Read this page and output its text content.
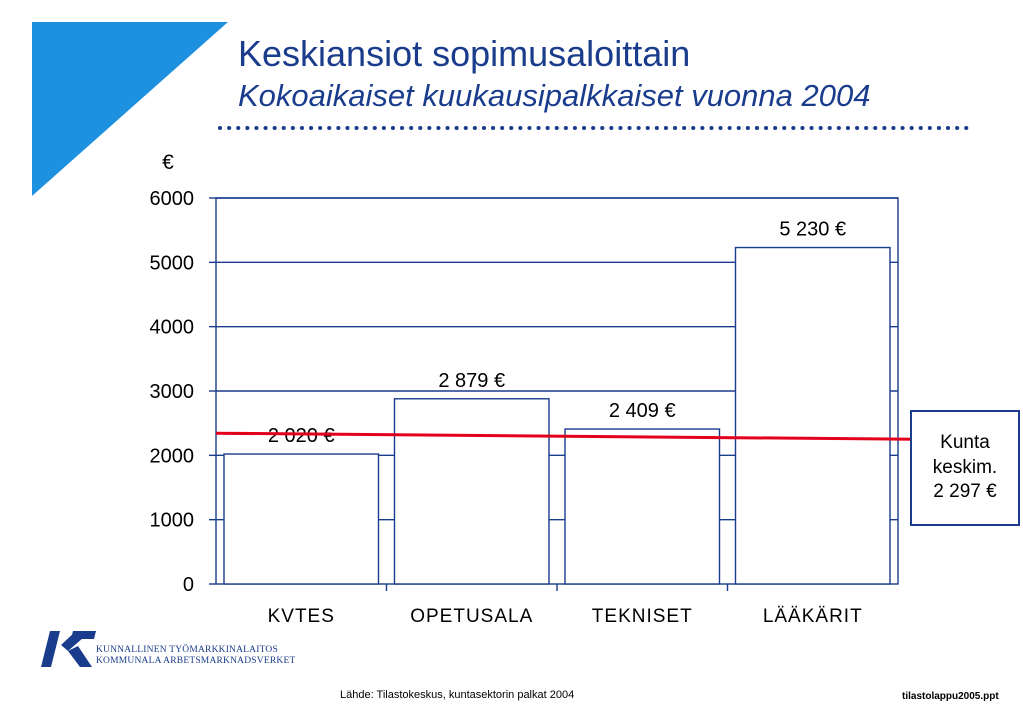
Keskiansiot sopimusaloittain
Kokoaikaiset kuukausipalkkaiset vuonna 2004
0
1000
2000
3000
4000
5000
6000
€
2 020 €
KVTES
2 879 €
OPETUSALA
2 409 €
TEKNISET
5 230 €
LÄÄKÄRIT
Kunta
keskim.
2 297 €
KUNNALLINEN TYÖMARKKINALAITOS
KOMMUNALA ARBETSMARKNADSVERKET
Lähde: Tilastokeskus, kuntasektorin palkat 2004	tilastolappu2005.ppt
